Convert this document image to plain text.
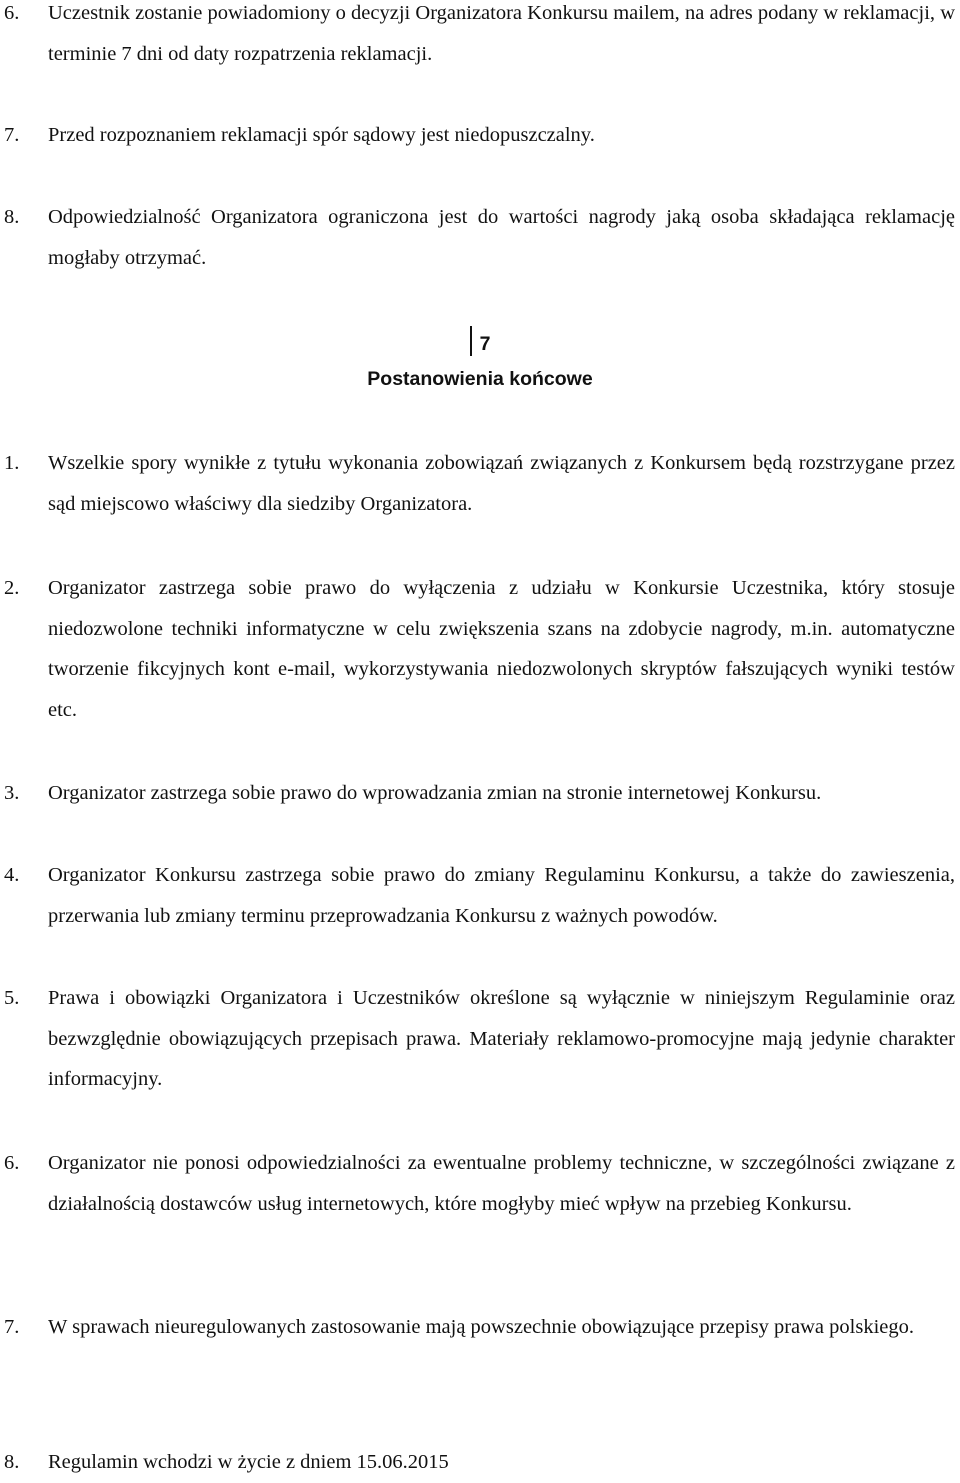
6. Uczestnik zostanie powiadomiony o decyzji Organizatora Konkursu mailem, na adres podany w reklamacji, w terminie 7 dni od daty rozpatrzenia reklamacji.
7. Przed rozpoznaniem reklamacji spór sądowy jest niedopuszczalny.
8. Odpowiedzialność Organizatora ograniczona jest do wartości nagrody jaką osoba składająca reklamację mogłaby otrzymać.
7
Postanowienia końcowe
1. Wszelkie spory wynikłe z tytułu wykonania zobowiązań związanych z Konkursem będą rozstrzygane przez sąd miejscowo właściwy dla siedziby Organizatora.
2. Organizator zastrzega sobie prawo do wyłączenia z udziału w Konkursie Uczestnika, który stosuje niedozwolone techniki informatyczne w celu zwiększenia szans na zdobycie nagrody, m.in. automatyczne tworzenie fikcyjnych kont e-mail, wykorzystywania niedozwolonych skryptów fałszujących wyniki testów etc.
3. Organizator zastrzega sobie prawo do wprowadzania zmian na stronie internetowej Konkursu.
4. Organizator Konkursu zastrzega sobie prawo do zmiany Regulaminu Konkursu, a także do zawieszenia, przerwania lub zmiany terminu przeprowadzania Konkursu z ważnych powodów.
5. Prawa i obowiązki Organizatora i Uczestników określone są wyłącznie w niniejszym Regulaminie oraz bezwzględnie obowiązujących przepisach prawa. Materiały reklamowo-promocyjne mają jedynie charakter informacyjny.
6. Organizator nie ponosi odpowiedzialności za ewentualne problemy techniczne, w szczególności związane z działalnością dostawców usług internetowych, które mogłyby mieć wpływ na przebieg Konkursu.
7. W sprawach nieuregulowanych zastosowanie mają powszechnie obowiązujące przepisy prawa polskiego.
8. Regulamin wchodzi w życie z dniem 15.06.2015
